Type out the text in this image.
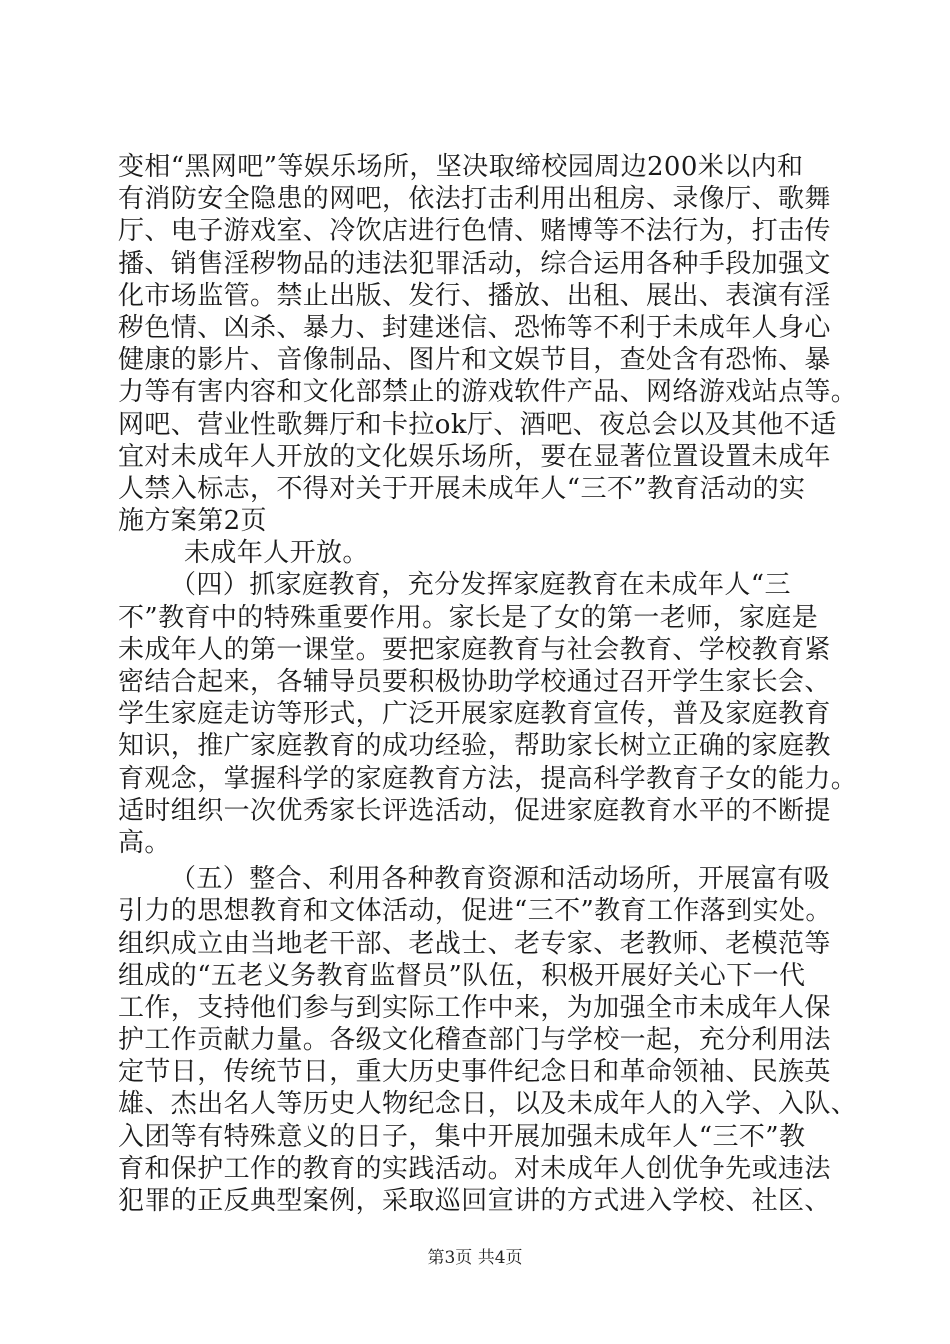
变相“黑网吧”等娱乐场所，坚决取缔校园周边200米以内和
有消防安全隐患的网吧，依法打击利用出租房、录像厅、歌舞
厅、电子游戏室、冷饮店进行色情、赌博等不法行为，打击传
播、销售淫秽物品的违法犯罪活动，综合运用各种手段加强文
化市场监管。禁止出版、发行、播放、出租、展出、表演有淫
秽色情、凶杀、暴力、封建迷信、恐怖等不利于未成年人身心
健康的影片、音像制品、图片和文娱节目，查处含有恐怖、暴
力等有害内容和文化部禁止的游戏软件产品、网络游戏站点等。
网吧、营业性歌舞厅和卡拉ok厅、酒吧、夜总会以及其他不适
宜对未成年人开放的文化娱乐场所，要在显著位置设置未成年
人禁入标志，不得对关于开展未成年人“三不”教育活动的实
施方案第2页
未成年人开放。
（四）抓家庭教育，充分发挥家庭教育在未成年人“三
不”教育中的特殊重要作用。家长是了女的第一老师，家庭是
未成年人的第一课堂。要把家庭教育与社会教育、学校教育紧
密结合起来，各辅导员要积极协助学校通过召开学生家长会、
学生家庭走访等形式，广泛开展家庭教育宣传，普及家庭教育
知识，推广家庭教育的成功经验，帮助家长树立正确的家庭教
育观念，掌握科学的家庭教育方法，提高科学教育子女的能力。
适时组织一次优秀家长评选活动，促进家庭教育水平的不断提
高。
（五）整合、利用各种教育资源和活动场所，开展富有吸
引力的思想教育和文体活动，促进“三不”教育工作落到实处。
组织成立由当地老干部、老战士、老专家、老教师、老模范等
组成的“五老义务教育监督员”队伍，积极开展好关心下一代
工作，支持他们参与到实际工作中来，为加强全市未成年人保
护工作贡献力量。各级文化稽查部门与学校一起，充分利用法
定节日，传统节日，重大历史事件纪念日和革命领袖、民族英
雄、杰出名人等历史人物纪念日，以及未成年人的入学、入队、
入团等有特殊意义的日子，集中开展加强未成年人“三不”教
育和保护工作的教育的实践活动。对未成年人创优争先或违法
犯罪的正反典型案例，采取巡回宣讲的方式进入学校、社区、
第3页 共4页
